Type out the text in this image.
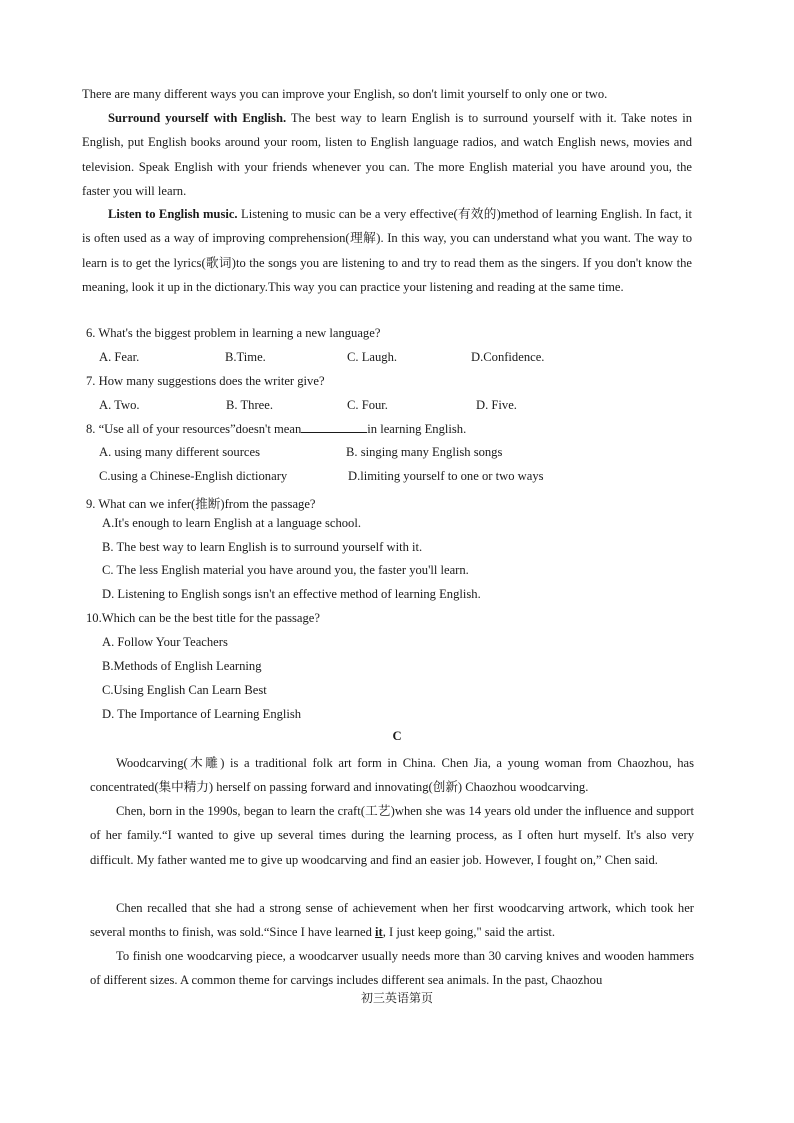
There are many different ways you can improve your English, so don't limit yourself to only one or two.

Surround yourself with English. The best way to learn English is to surround yourself with it. Take notes in English, put English books around your room, listen to English language radios, and watch English news, movies and television. Speak English with your friends whenever you can. The more English material you have around you, the faster you will learn.

Listen to English music. Listening to music can be a very effective(有效的)method of learning English. In fact, it is often used as a way of improving comprehension(理解). In this way, you can understand what you want. The way to learn is to get the lyrics(歌词)to the songs you are listening to and try to read them as the singers. If you don't know the meaning, look it up in the dictionary.This way you can practice your listening and reading at the same time.

6. What's the biggest problem in learning a new language?
A. Fear.	B.Time.	C. Laugh.	D.Confidence.
7. How many suggestions does the writer give?
A. Two.	B. Three.	C. Four.	D. Five.
8. “Use all of your resources”doesn't mean	in learning English.
A. using many different sources	B. singing many English songs
C.using a Chinese-English dictionary	D.limiting yourself to one or two ways
9. What can we infer(推断)from the passage?
A.It's enough to learn English at a language school.
B. The best way to learn English is to surround yourself with it.
C. The less English material you have around you, the faster you'll learn.
D. Listening to English songs isn't an effective method of learning English.
10.Which can be the best title for the passage?
A. Follow Your Teachers
B.Methods of English Learning
C.Using English Can Learn Best
D. The Importance of Learning English
C

Woodcarving(木雕) is a traditional folk art form in China. Chen Jia, a young woman from Chaozhou, has concentrated(集中精力) herself on passing forward and innovating(创新) Chaozhou woodcarving.

Chen, born in the 1990s, began to learn the craft(工艺)when she was 14 years old under the influence and support of her family.“I wanted to give up several times during the learning process, as I often hurt myself. It's also very difficult. My father wanted me to give up woodcarving and find an easier job. However, I fought on,” Chen said.

Chen recalled that she had a strong sense of achievement when her first woodcarving artwork, which took her several months to finish, was sold.“Since I have learned it, I just keep going," said the artist.

To finish one woodcarving piece, a woodcarver usually needs more than 30 carving knives and wooden hammers of different sizes. A common theme for carvings includes different sea animals. In the past, Chaozhou

初三英语第页
